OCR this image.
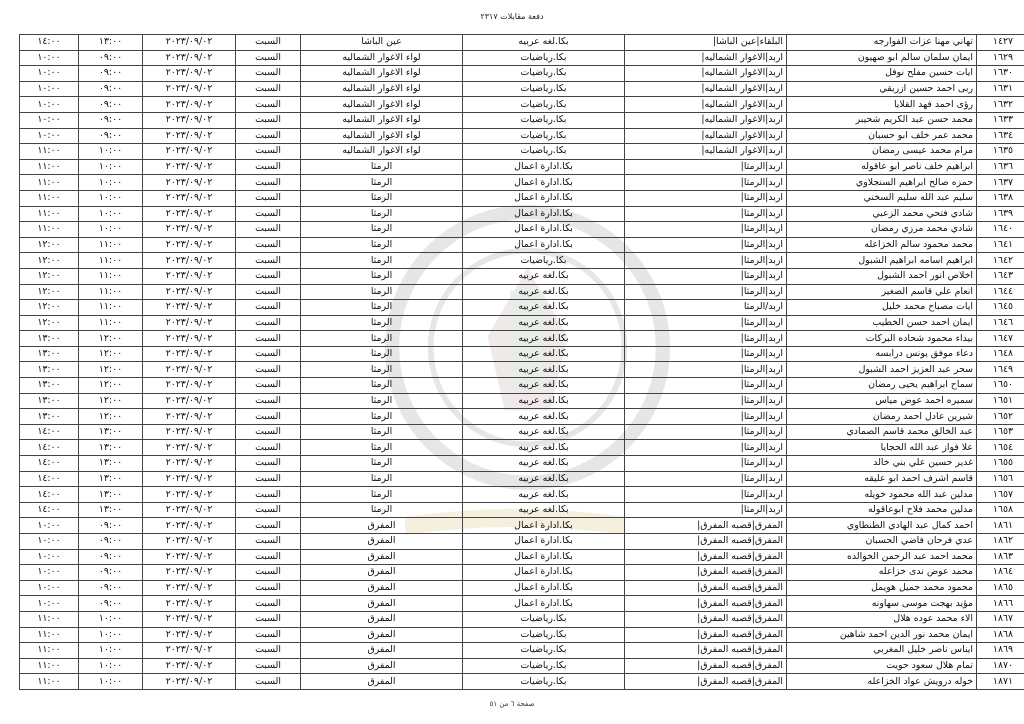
دفعة مقابلات ٢٣١٧
١٤٢٧	تهاني مهنا عزات الفوارجه	البلقاء|عين الباشا|	بكا.لغه عربيه	عين الباشا	السبت	٢٠٢٣/٠٩/٠٢	١٣:٠٠	١٤:٠٠
١٦٢٩	ايمان سلمان سالم ابو صهيون	اربد|الاغوار الشماليه|	بكا.رياضيات	لواء الاغوار الشماليه	السبت	٢٠٢٣/٠٩/٠٢	٠٩:٠٠	١٠:٠٠
١٦٣٠	ايات حسين مفلح نوفل	اربد|الاغوار الشماليه|	بكا.رياضيات	لواء الاغوار الشماليه	السبت	٢٠٢٣/٠٩/٠٢	٠٩:٠٠	١٠:٠٠
١٦٣١	ربى احمد حسين ازريقي	اربد|الاغوار الشماليه|	بكا.رياضيات	لواء الاغوار الشماليه	السبت	٢٠٢٣/٠٩/٠٢	٠٩:٠٠	١٠:٠٠
١٦٣٢	رؤى احمد فهد القلايا	اربد|الاغوار الشماليه|	بكا.رياضيات	لواء الاغوار الشماليه	السبت	٢٠٢٣/٠٩/٠٢	٠٩:٠٠	١٠:٠٠
١٦٣٣	محمد حسن عبد الكريم شحيبر	اربد|الاغوار الشماليه|	بكا.رياضيات	لواء الاغوار الشماليه	السبت	٢٠٢٣/٠٩/٠٢	٠٩:٠٠	١٠:٠٠
١٦٣٤	محمد عمر خلف ابو حسبان	اربد|الاغوار الشماليه|	بكا.رياضيات	لواء الاغوار الشماليه	السبت	٢٠٢٣/٠٩/٠٢	٠٩:٠٠	١٠:٠٠
١٦٣٥	مرام محمد عيسى رمضان	اربد|الاغوار الشماليه|	بكا.رياضيات	لواء الاغوار الشماليه	السبت	٢٠٢٣/٠٩/٠٢	١٠:٠٠	١١:٠٠
١٦٣٦	ابراهيم خلف ناصر ابو عاقوله	اربد|الرمثا|	بكا.ادارة اعمال	الرمثا	السبت	٢٠٢٣/٠٩/٠٢	١٠:٠٠	١١:٠٠
١٦٣٧	حمزه صالح ابراهيم السنجلاوي	اربد|الرمثا|	بكا.ادارة اعمال	الرمثا	السبت	٢٠٢٣/٠٩/٠٢	١٠:٠٠	١١:٠٠
١٦٣٨	سليم عبد الله سليم السخني	اربد|الرمثا|	بكا.ادارة اعمال	الرمثا	السبت	٢٠٢٣/٠٩/٠٢	١٠:٠٠	١١:٠٠
١٦٣٩	شادي فتحي محمد الزعبي	اربد|الرمثا|	بكا.ادارة اعمال	الرمثا	السبت	٢٠٢٣/٠٩/٠٢	١٠:٠٠	١١:٠٠
١٦٤٠	شادي محمد مرزي رمضان	اربد|الرمثا|	بكا.ادارة اعمال	الرمثا	السبت	٢٠٢٣/٠٩/٠٢	١٠:٠٠	١١:٠٠
١٦٤١	محمد محمود سالم الخزاعله	اربد|الرمثا|	بكا.ادارة اعمال	الرمثا	السبت	٢٠٢٣/٠٩/٠٢	١١:٠٠	١٢:٠٠
١٦٤٢	ابراهيم اسامه ابراهيم الشبول	اربد|الرمثا|	بكا.رياضيات	الرمثا	السبت	٢٠٢٣/٠٩/٠٢	١١:٠٠	١٢:٠٠
١٦٤٣	اخلاص انور احمد الشبول	اربد|الرمثا|	بكا.لغه عربيه	الرمثا	السبت	٢٠٢٣/٠٩/٠٢	١١:٠٠	١٢:٠٠
١٦٤٤	انعام علي قاسم الصغير	اربد|الرمثا|	بكا.لغه عربيه	الرمثا	السبت	٢٠٢٣/٠٩/٠٢	١١:٠٠	١٢:٠٠
١٦٤٥	ايات مصباح محمد خليل	اربد/الرمثا	بكا.لغه عربيه	الرمثا	السبت	٢٠٢٣/٠٩/٠٢	١١:٠٠	١٢:٠٠
١٦٤٦	ايمان احمد حسن الخطيب	اربد|الرمثا|	بكا.لغه عربيه	الرمثا	السبت	٢٠٢٣/٠٩/٠٢	١١:٠٠	١٢:٠٠
١٦٤٧	بيداء محمود شحاده البركات	اربد|الرمثا|	بكا.لغه عربيه	الرمثا	السبت	٢٠٢٣/٠٩/٠٢	١٢:٠٠	١٣:٠٠
١٦٤٨	دعاء موفق يونس درابسه	اربد|الرمثا|	بكا.لغه عربيه	الرمثا	السبت	٢٠٢٣/٠٩/٠٢	١٢:٠٠	١٣:٠٠
١٦٤٩	سحر عبد العزيز احمد الشبول	اربد|الرمثا|	بكا.لغه عربيه	الرمثا	السبت	٢٠٢٣/٠٩/٠٢	١٢:٠٠	١٣:٠٠
١٦٥٠	سماح ابراهيم يحيى رمضان	اربد|الرمثا|	بكا.لغه عربيه	الرمثا	السبت	٢٠٢٣/٠٩/٠٢	١٢:٠٠	١٣:٠٠
١٦٥١	سميره احمد عوض مياس	اربد|الرمثا|	بكا.لغه عربيه	الرمثا	السبت	٢٠٢٣/٠٩/٠٢	١٢:٠٠	١٣:٠٠
١٦٥٢	شيرين عادل احمد رمضان	اربد|الرمثا|	بكا.لغه عربيه	الرمثا	السبت	٢٠٢٣/٠٩/٠٢	١٢:٠٠	١٣:٠٠
١٦٥٣	عبد الخالق محمد قاسم الصمادي	اربد|الرمثا|	بكا.لغه عربيه	الرمثا	السبت	٢٠٢٣/٠٩/٠٢	١٣:٠٠	١٤:٠٠
١٦٥٤	علا فواز عبد الله الحجايا	اربد|الرمثا|	بكا.لغه عربيه	الرمثا	السبت	٢٠٢٣/٠٩/٠٢	١٣:٠٠	١٤:٠٠
١٦٥٥	غدير حسين علي بني خالد	اربد|الرمثا|	بكا.لغه عربيه	الرمثا	السبت	٢٠٢٣/٠٩/٠٢	١٣:٠٠	١٤:٠٠
١٦٥٦	قاسم اشرف احمد ابو عليقه	اربد|الرمثا|	بكا.لغه عربيه	الرمثا	السبت	٢٠٢٣/٠٩/٠٢	١٣:٠٠	١٤:٠٠
١٦٥٧	مدلين عبد الله محمود خويله	اربد|الرمثا|	بكا.لغه عربيه	الرمثا	السبت	٢٠٢٣/٠٩/٠٢	١٣:٠٠	١٤:٠٠
١٦٥٨	مدلين محمد فلاح ابوعاقوله	اربد|الرمثا|	بكا.لغه عربيه	الرمثا	السبت	٢٠٢٣/٠٩/٠٢	١٣:٠٠	١٤:٠٠
١٨٦١	احمد كمال عبد الهادي الطنطاوي	المفرق|قصبه المفرق|	بكا.ادارة اعمال	المفرق	السبت	٢٠٢٣/٠٩/٠٢	٠٩:٠٠	١٠:٠٠
١٨٦٢	عدي فرحان فاضي الحسبان	المفرق|قصبه المفرق|	بكا.ادارة اعمال	المفرق	السبت	٢٠٢٣/٠٩/٠٢	٠٩:٠٠	١٠:٠٠
١٨٦٣	محمد احمد عبد الرحمن الخوالده	المفرق|قصبه المفرق|	بكا.ادارة اعمال	المفرق	السبت	٢٠٢٣/٠٩/٠٢	٠٩:٠٠	١٠:٠٠
١٨٦٤	محمد عوض ندى خزاعله	المفرق|قصبه المفرق|	بكا.ادارة اعمال	المفرق	السبت	٢٠٢٣/٠٩/٠٢	٠٩:٠٠	١٠:٠٠
١٨٦٥	محمود محمد جميل هويمل	المفرق|قصبه المفرق|	بكا.ادارة اعمال	المفرق	السبت	٢٠٢٣/٠٩/٠٢	٠٩:٠٠	١٠:٠٠
١٨٦٦	مؤيد بهجت موسى سهاونه	المفرق|قصبه المفرق|	بكا.ادارة اعمال	المفرق	السبت	٢٠٢٣/٠٩/٠٢	٠٩:٠٠	١٠:٠٠
١٨٦٧	الاء محمد عوده هلال	المفرق|قصبه المفرق|	بكا.رياضيات	المفرق	السبت	٢٠٢٣/٠٩/٠٢	١٠:٠٠	١١:٠٠
١٨٦٨	ايمان محمد نور الدين احمد شاهين	المفرق|قصبه المفرق|	بكا.رياضيات	المفرق	السبت	٢٠٢٣/٠٩/٠٢	١٠:٠٠	١١:٠٠
١٨٦٩	ايناس ناصر خليل المغربي	المفرق|قصبه المفرق|	بكا.رياضيات	المفرق	السبت	٢٠٢٣/٠٩/٠٢	١٠:٠٠	١١:٠٠
١٨٧٠	تمام هلال سعود حويت	المفرق|قصبه المفرق|	بكا.رياضيات	المفرق	السبت	٢٠٢٣/٠٩/٠٢	١٠:٠٠	١١:٠٠
١٨٧١	خوله درويش عواد الخزاعله	المفرق|قصبه المفرق|	بكا.رياضيات	المفرق	السبت	٢٠٢٣/٠٩/٠٢	١٠:٠٠	١١:٠٠
صفحة ٦ من ٥١
